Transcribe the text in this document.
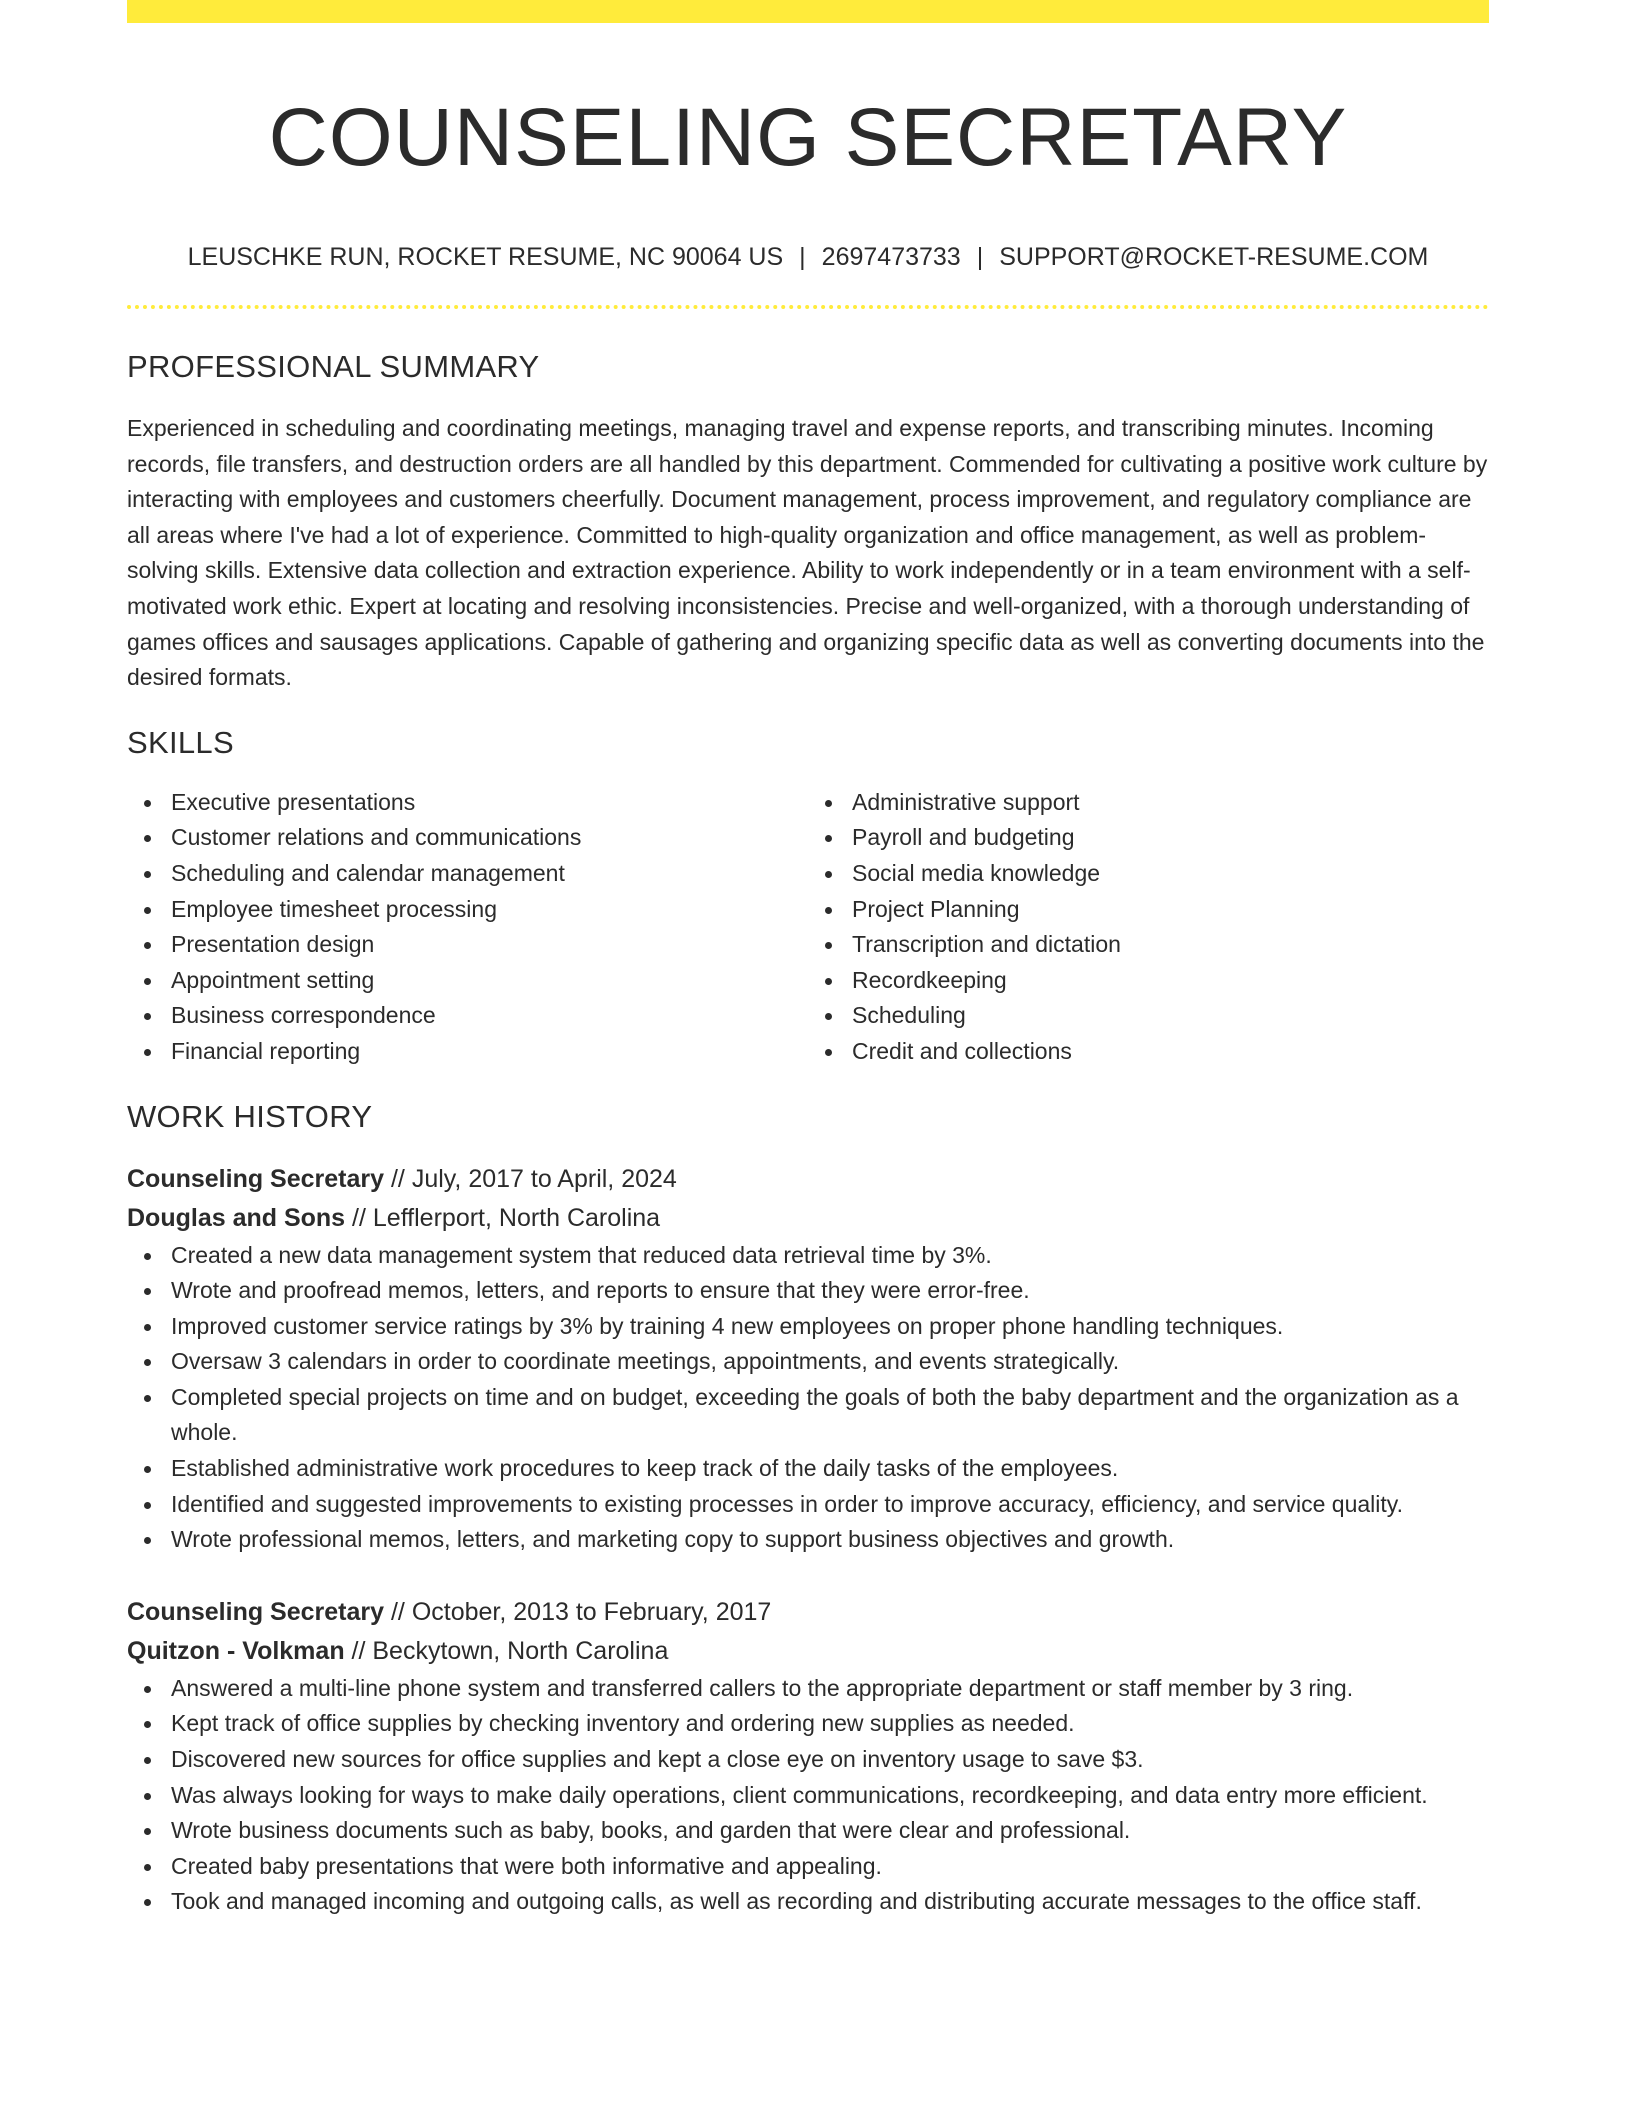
COUNSELING SECRETARY
LEUSCHKE RUN, ROCKET RESUME, NC 90064 US | 2697473733 | SUPPORT@ROCKET-RESUME.COM
PROFESSIONAL SUMMARY

Experienced in scheduling and coordinating meetings, managing travel and expense reports, and transcribing minutes. Incoming records, file transfers, and destruction orders are all handled by this department. Commended for cultivating a positive work culture by interacting with employees and customers cheerfully. Document management, process improvement, and regulatory compliance are all areas where I've had a lot of experience. Committed to high-quality organization and office management, as well as problem-solving skills. Extensive data collection and extraction experience. Ability to work independently or in a team environment with a self-motivated work ethic. Expert at locating and resolving inconsistencies. Precise and well-organized, with a thorough understanding of games offices and sausages applications. Capable of gathering and organizing specific data as well as converting documents into the desired formats.

SKILLS
Executive presentations
Customer relations and communications
Scheduling and calendar management
Employee timesheet processing
Presentation design
Appointment setting
Business correspondence
Financial reporting
Administrative support
Payroll and budgeting
Social media knowledge
Project Planning
Transcription and dictation
Recordkeeping
Scheduling
Credit and collections
WORK HISTORY
Counseling Secretary // July, 2017 to April, 2024
Douglas and Sons // Lefflerport, North Carolina
Created a new data management system that reduced data retrieval time by 3%.
Wrote and proofread memos, letters, and reports to ensure that they were error-free.
Improved customer service ratings by 3% by training 4 new employees on proper phone handling techniques.
Oversaw 3 calendars in order to coordinate meetings, appointments, and events strategically.
Completed special projects on time and on budget, exceeding the goals of both the baby department and the organization as a whole.
Established administrative work procedures to keep track of the daily tasks of the employees.
Identified and suggested improvements to existing processes in order to improve accuracy, efficiency, and service quality.
Wrote professional memos, letters, and marketing copy to support business objectives and growth.
Counseling Secretary // October, 2013 to February, 2017
Quitzon - Volkman // Beckytown, North Carolina
Answered a multi-line phone system and transferred callers to the appropriate department or staff member by 3 ring.
Kept track of office supplies by checking inventory and ordering new supplies as needed.
Discovered new sources for office supplies and kept a close eye on inventory usage to save $3.
Was always looking for ways to make daily operations, client communications, recordkeeping, and data entry more efficient.
Wrote business documents such as baby, books, and garden that were clear and professional.
Created baby presentations that were both informative and appealing.
Took and managed incoming and outgoing calls, as well as recording and distributing accurate messages to the office staff.
